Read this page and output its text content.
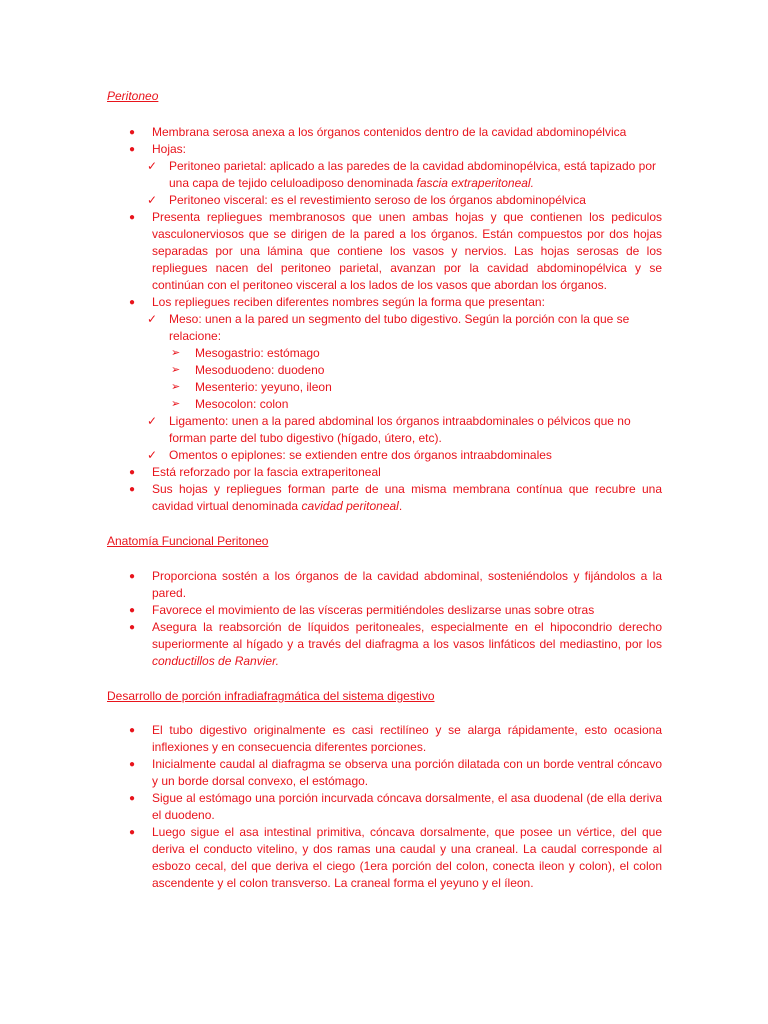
Peritoneo

● Membrana serosa anexa a los órganos contenidos dentro de la cavidad abdominopélvica
● Hojas:
✓ Peritoneo parietal: aplicado a las paredes de la cavidad abdominopélvica, está tapizado por una capa de tejido celuloadiposo denominada fascia extraperitoneal.
✓ Peritoneo visceral: es el revestimiento seroso de los órganos abdominopélvica
● Presenta repliegues membranosos que unen ambas hojas y que contienen los pediculos vasculonerviosos que se dirigen de la pared a los órganos. Están compuestos por dos hojas separadas por una lámina que contiene los vasos y nervios. Las hojas serosas de los repliegues nacen del peritoneo parietal, avanzan por la cavidad abdominopélvica y se continúan con el peritoneo visceral a los lados de los vasos que abordan los órganos.
● Los repliegues reciben diferentes nombres según la forma que presentan:
✓ Meso: unen a la pared un segmento del tubo digestivo. Según la porción con la que se relacione:
➢ Mesogastrio: estómago
➢ Mesoduodeno: duodeno
➢ Mesenterio: yeyuno, ileon
➢ Mesocolon: colon
✓ Ligamento: unen a la pared abdominal los órganos intraabdominales o pélvicos que no forman parte del tubo digestivo (hígado, útero, etc).
✓ Omentos o epiplones: se extienden entre dos órganos intraabdominales
● Está reforzado por la fascia extraperitoneal
● Sus hojas y repliegues forman parte de una misma membrana contínua que recubre una cavidad virtual denominada cavidad peritoneal.

Anatomía Funcional Peritoneo

● Proporciona sostén a los órganos de la cavidad abdominal, sosteniéndolos y fijándolos a la pared.
● Favorece el movimiento de las vísceras permitiéndoles deslizarse unas sobre otras
● Asegura la reabsorción de líquidos peritoneales, especialmente en el hipocondrio derecho superiormente al hígado y a través del diafragma a los vasos linfáticos del mediastino, por los conductillos de Ranvier.

Desarrollo de porción infradiafragmática del sistema digestivo

● El tubo digestivo originalmente es casi rectilíneo y se alarga rápidamente, esto ocasiona inflexiones y en consecuencia diferentes porciones.
● Inicialmente caudal al diafragma se observa una porción dilatada con un borde ventral cóncavo y un borde dorsal convexo, el estómago.
● Sigue al estómago una porción incurvada cóncava dorsalmente, el asa duodenal (de ella deriva el duodeno.
● Luego sigue el asa intestinal primitiva, cóncava dorsalmente, que posee un vértice, del que deriva el conducto vitelino, y dos ramas una caudal y una craneal. La caudal corresponde al esbozo cecal, del que deriva el ciego (1era porción del colon, conecta ileon y colon), el colon ascendente y el colon transverso. La craneal forma el yeyuno y el íleon.
